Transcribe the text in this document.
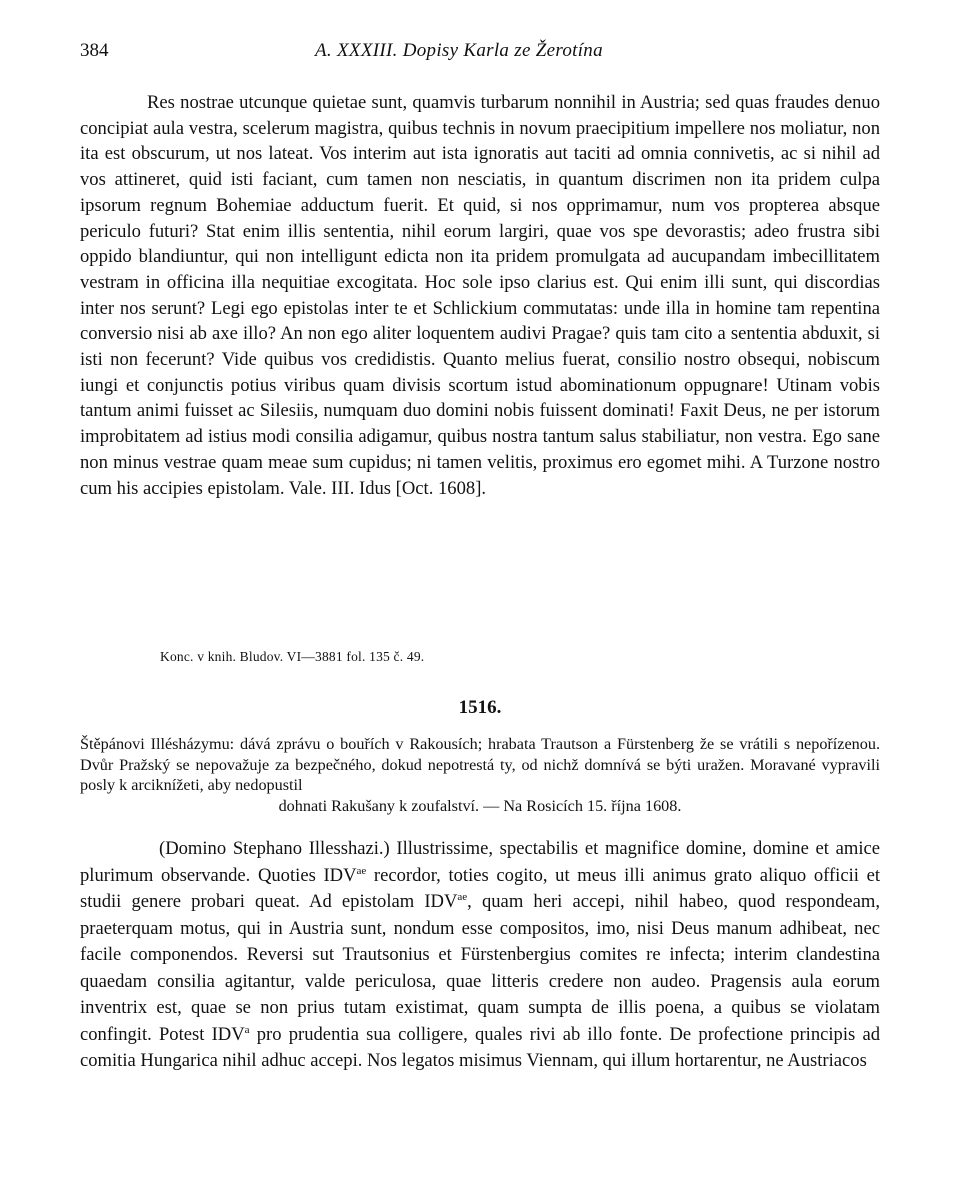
384	A. XXXIII. Dopisy Karla ze Žerotína

Res nostrae utcunque quietae sunt, quamvis turbarum nonnihil in Austria; sed quas fraudes denuo concipiat aula vestra, scelerum magistra, quibus technis in novum praecipitium impellere nos moliatur, non ita est obscurum, ut nos lateat. Vos interim aut ista ignoratis aut taciti ad omnia connivetis, ac si nihil ad vos attineret, quid isti faciant, cum tamen non nesciatis, in quantum discrimen non ita pridem culpa ipsorum regnum Bohemiae adductum fuerit. Et quid, si nos opprimamur, num vos propterea absque periculo futuri? Stat enim illis sententia, nihil eorum largiri, quae vos spe devorastis; adeo frustra sibi oppido blandiuntur, qui non intelligunt edicta non ita pridem promulgata ad aucupandam imbecillitatem vestram in officina illa nequitiae excogitata. Hoc sole ipso clarius est. Qui enim illi sunt, qui discordias inter nos serunt? Legi ego epistolas inter te et Schlickium commutatas: unde illa in homine tam repentina conversio nisi ab axe illo? An non ego aliter loquentem audivi Pragae? quis tam cito a sententia abduxit, si isti non fecerunt? Vide quibus vos credidistis. Quanto melius fuerat, consilio nostro obsequi, nobiscum iungi et conjunctis potius viribus quam divisis scortum istud abominationum oppugnare! Utinam vobis tantum animi fuisset ac Silesiis, numquam duo domini nobis fuissent dominati! Faxit Deus, ne per istorum improbitatem ad istius modi consilia adigamur, quibus nostra tantum salus stabiliatur, non vestra. Ego sane non minus vestrae quam meae sum cupidus; ni tamen velitis, proximus ero egomet mihi. A Turzone nostro cum his accipies epistolam. Vale. III. Idus [Oct. 1608].

Konc. v knih. Bludov. VI—3881 fol. 135 č. 49.
1516.

Štěpánovi Illésházymu: dává zprávu o bouřích v Rakousích; hrabata Trautson a Fürstenberg že se vrátili s nepořízenou. Dvůr Pražský se nepovažuje za bezpečného, dokud nepotrestá ty, od nichž domnívá se býti uražen. Moravané vypravili posly k arciknížeti, aby nedopustil
dohnati Rakušany k zoufalství. — Na Rosicích 15. října 1608.

(Domino Stephano Illesshazi.) Illustrissime, spectabilis et magnifice domine, domine et amice plurimum observande. Quoties $IDV^{ae}$ recordor, toties cogito, ut meus illi animus grato aliquo officii et studii genere probari queat. Ad epistolam $IDV^{ae}$, quam heri accepi, nihil habeo, quod respondeam, praeterquam motus, qui in Austria sunt, nondum esse compositos, imo, nisi Deus manum adhibeat, nec facile componendos. Reversi sut Trautsonius et Fürstenbergius comites re infecta; interim clandestina quaedam consilia agitantur, valde periculosa, quae litteris credere non audeo. Pragensis aula eorum inventrix est, quae se non prius tutam existimat, quam sumpta de illis poena, a quibus se violatam confingit. Potest IDV$^a$ pro prudentia sua colligere, quales rivi ab illo fonte. De profectione principis ad comitia Hungarica nihil adhuc accepi. Nos legatos misimus Viennam, qui illum hortarentur, ne Austriacos
